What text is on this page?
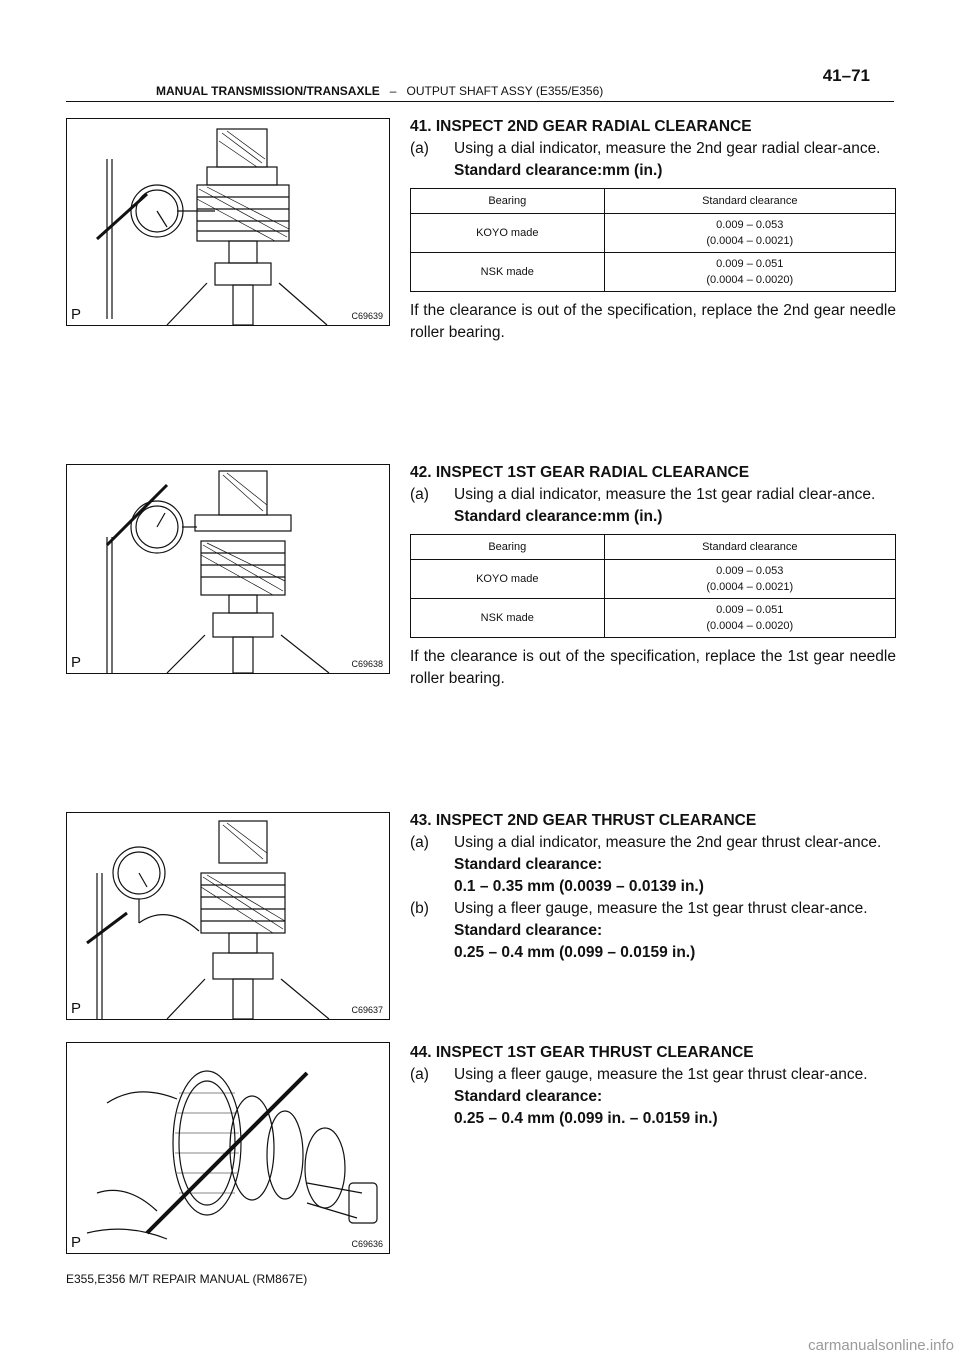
MANUAL TRANSMISSION/TRANSAXLE – OUTPUT SHAFT ASSY (E355/E356)
41–71
P	C69639
P	C69638
P	C69637
P	C69636
41. INSPECT 2ND GEAR RADIAL CLEARANCE
(a) Using a dial indicator, measure the 2nd gear radial clear-ance.
Standard clearance:mm (in.)
Bearing	Standard clearance
KOYO made	0.009 – 0.053
(0.0004 – 0.0021)
NSK made	0.009 – 0.051
(0.0004 – 0.0020)
If the clearance is out of the specification, replace the 2nd gear needle roller bearing.
42. INSPECT 1ST GEAR RADIAL CLEARANCE
(a) Using a dial indicator, measure the 1st gear radial clear-ance.
Standard clearance:mm (in.)
Bearing	Standard clearance
KOYO made	0.009 – 0.053
(0.0004 – 0.0021)
NSK made	0.009 – 0.051
(0.0004 – 0.0020)
If the clearance is out of the specification, replace the 1st gear needle roller bearing.
43. INSPECT 2ND GEAR THRUST CLEARANCE
(a) Using a dial indicator, measure the 2nd gear thrust clear-ance.
Standard clearance:
0.1 – 0.35 mm (0.0039 – 0.0139 in.)
(b) Using a fleer gauge, measure the 1st gear thrust clear-ance.
Standard clearance:
0.25 – 0.4 mm (0.099 – 0.0159 in.)
44. INSPECT 1ST GEAR THRUST CLEARANCE
(a) Using a fleer gauge, measure the 1st gear thrust clear-ance.
Standard clearance:
0.25 – 0.4 mm (0.099 in. – 0.0159 in.)
E355,E356 M/T REPAIR MANUAL (RM867E)
carmanualsonline.info
